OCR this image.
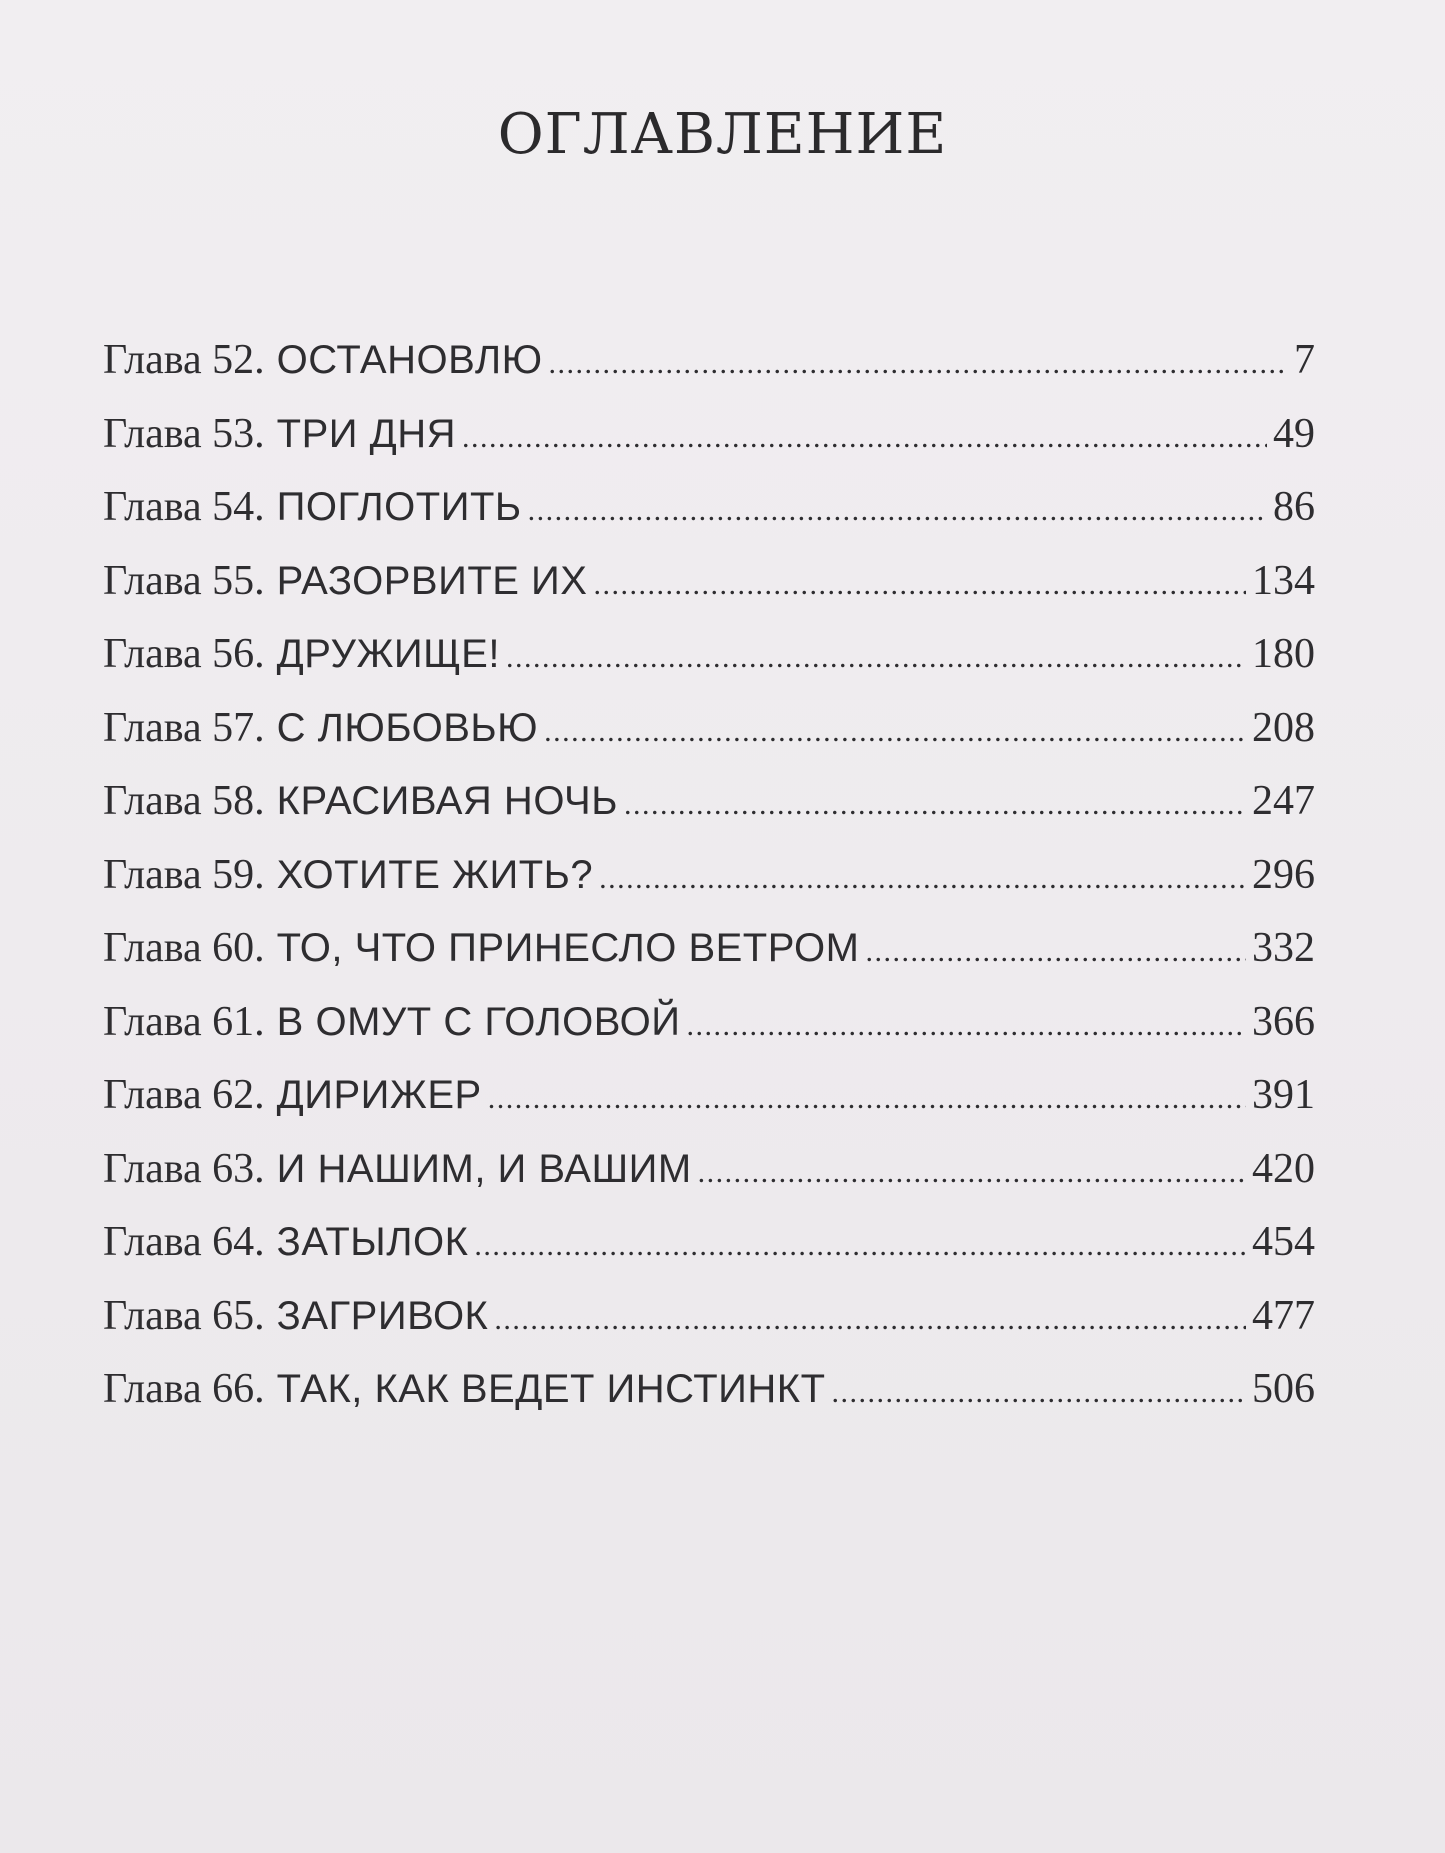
ОГЛАВЛЕНИЕ
Глава 52. ОСТАНОВЛЮ . . .	7
Глава 53. ТРИ ДНЯ . . .	49
Глава 54. ПОГЛОТИТЬ . . .	86
Глава 55. РАЗОРВИТЕ ИХ . . .	134
Глава 56. ДРУЖИЩЕ! . . .	180
Глава 57. С ЛЮБОВЬЮ . . .	208
Глава 58. КРАСИВАЯ НОЧЬ . . .	247
Глава 59. ХОТИТЕ ЖИТЬ? . . .	296
Глава 60. ТО, ЧТО ПРИНЕСЛО ВЕТРОМ . . .	332
Глава 61. В ОМУТ С ГОЛОВОЙ . . .	366
Глава 62. ДИРИЖЕР . . .	391
Глава 63. И НАШИМ, И ВАШИМ . . .	420
Глава 64. ЗАТЫЛОК . . .	454
Глава 65. ЗАГРИВОК . . .	477
Глава 66. ТАК, КАК ВЕДЕТ ИНСТИНКТ . . .	506
